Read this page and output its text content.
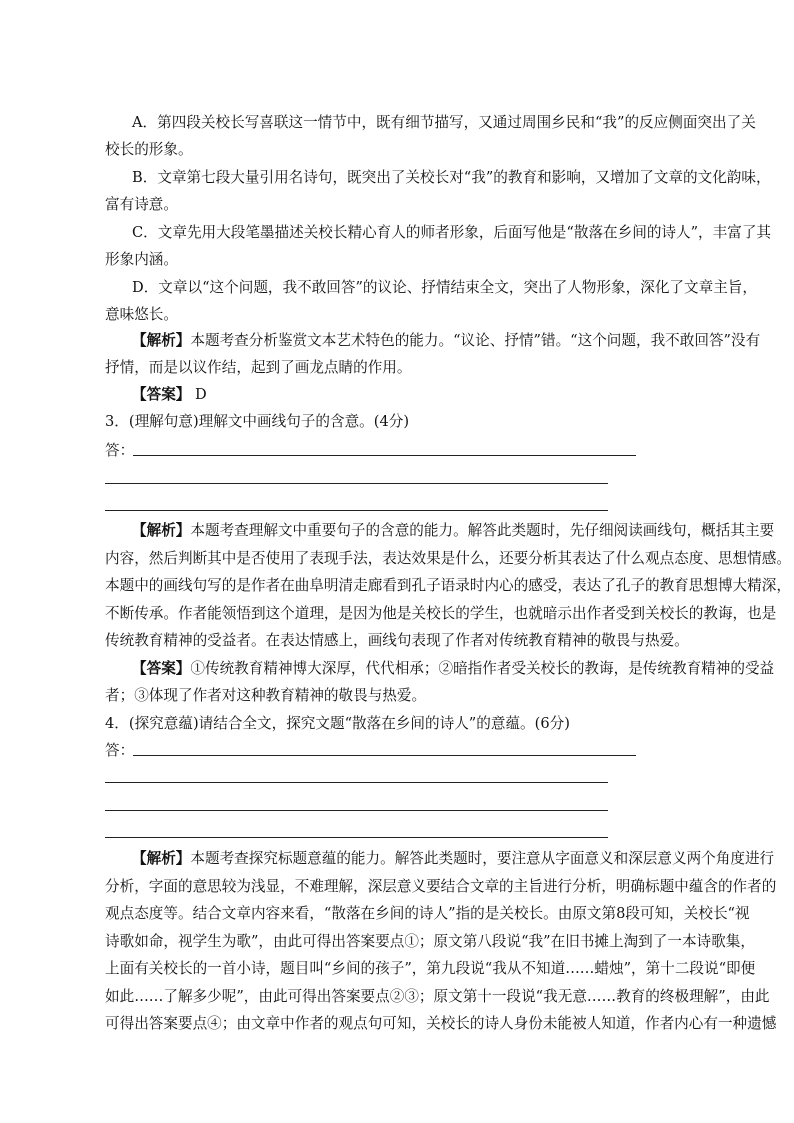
A．第四段关校长写喜联这一情节中，既有细节描写，又通过周围乡民和“我”的反应侧面突出了关
校长的形象。
B．文章第七段大量引用名诗句，既突出了关校长对“我”的教育和影响，又增加了文章的文化韵味，
富有诗意。
C．文章先用大段笔墨描述关校长精心育人的师者形象，后面写他是“散落在乡间的诗人”，丰富了其
形象内涵。
D．文章以“这个问题，我不敢回答”的议论、抒情结束全文，突出了人物形象，深化了文章主旨，
意味悠长。
【解析】本题考查分析鉴赏文本艺术特色的能力。“议论、抒情”错。“这个问题，我不敢回答”没有
抒情，而是以议作结，起到了画龙点睛的作用。
【答案】 D
3．(理解句意)理解文中画线句子的含意。(4分)
答：
【解析】本题考查理解文中重要句子的含意的能力。解答此类题时，先仔细阅读画线句，概括其主要
内容，然后判断其中是否使用了表现手法，表达效果是什么，还要分析其表达了什么观点态度、思想情感。
本题中的画线句写的是作者在曲阜明清走廊看到孔子语录时内心的感受，表达了孔子的教育思想博大精深，
不断传承。作者能领悟到这个道理，是因为他是关校长的学生，也就暗示出作者受到关校长的教诲，也是
传统教育精神的受益者。在表达情感上，画线句表现了作者对传统教育精神的敬畏与热爱。
【答案】①传统教育精神博大深厚，代代相承；②暗指作者受关校长的教诲，是传统教育精神的受益
者；③体现了作者对这种教育精神的敬畏与热爱。
4．(探究意蕴)请结合全文，探究文题“散落在乡间的诗人”的意蕴。(6分)
答：
【解析】本题考查探究标题意蕴的能力。解答此类题时，要注意从字面意义和深层意义两个角度进行
分析，字面的意思较为浅显，不难理解，深层意义要结合文章的主旨进行分析，明确标题中蕴含的作者的
观点态度等。结合文章内容来看，“散落在乡间的诗人”指的是关校长。由原文第8段可知，关校长“视
诗歌如命，视学生为歌”，由此可得出答案要点①；原文第八段说“我”在旧书摊上淘到了一本诗歌集，
上面有关校长的一首小诗，题目叫“乡间的孩子”，第九段说“我从不知道……蜡烛”，第十二段说“即便
如此……了解多少呢”，由此可得出答案要点②③；原文第十一段说“我无意……教育的终极理解”，由此
可得出答案要点④；由文章中作者的观点句可知，关校长的诗人身份未能被人知道，作者内心有一种遗憾
